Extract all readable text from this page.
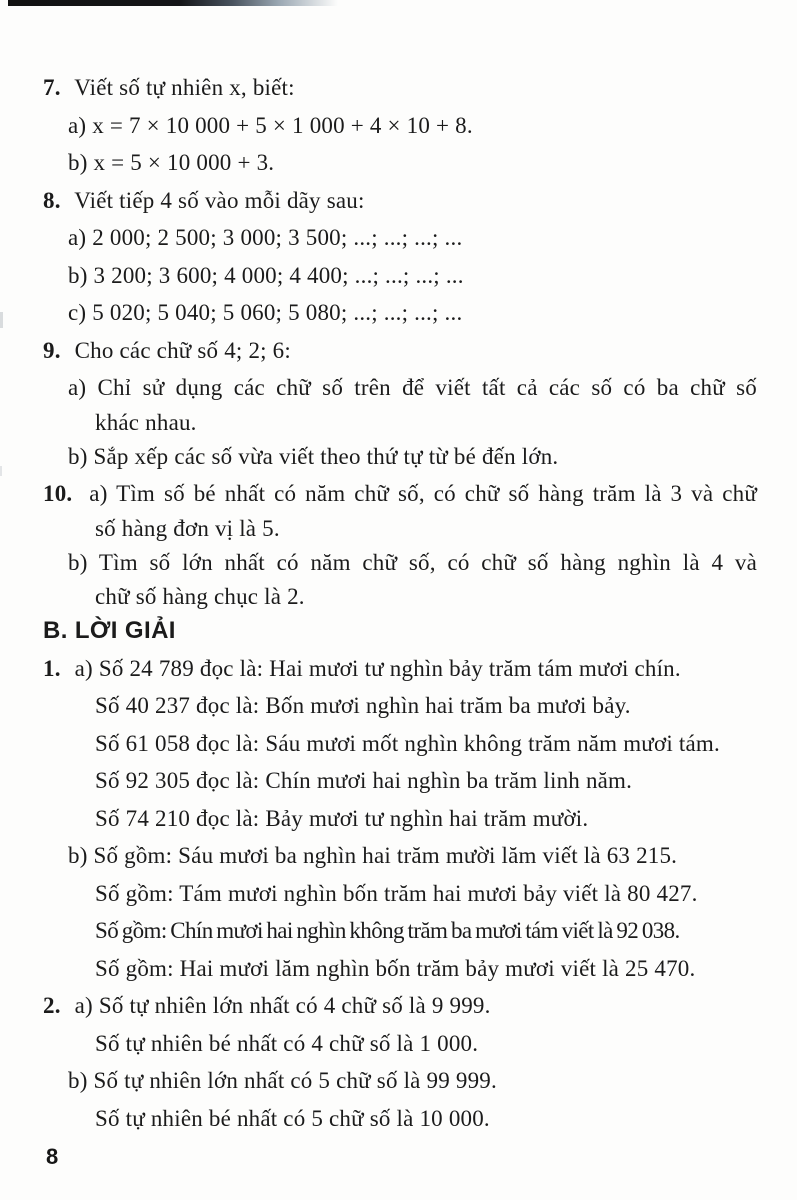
7. Viết số tự nhiên x, biết:
a) x = 7 × 10 000 + 5 × 1 000 + 4 × 10 + 8.
b) x = 5 × 10 000 + 3.
8. Viết tiếp 4 số vào mỗi dãy sau:
a) 2 000; 2 500; 3 000; 3 500; ...; ...; ...; ...
b) 3 200; 3 600; 4 000; 4 400; ...; ...; ...; ...
c) 5 020; 5 040; 5 060; 5 080; ...; ...; ...; ...
9. Cho các chữ số 4; 2; 6:
a) Chỉ sử dụng các chữ số trên để viết tất cả các số có ba chữ số
khác nhau.
b) Sắp xếp các số vừa viết theo thứ tự từ bé đến lớn.
10. a) Tìm số bé nhất có năm chữ số, có chữ số hàng trăm là 3 và chữ
số hàng đơn vị là 5.
b) Tìm số lớn nhất có năm chữ số, có chữ số hàng nghìn là 4 và
chữ số hàng chục là 2.
B. LỜI GIẢI
1. a) Số 24 789 đọc là: Hai mươi tư nghìn bảy trăm tám mươi chín.
Số 40 237 đọc là: Bốn mươi nghìn hai trăm ba mươi bảy.
Số 61 058 đọc là: Sáu mươi mốt nghìn không trăm năm mươi tám.
Số 92 305 đọc là: Chín mươi hai nghìn ba trăm linh năm.
Số 74 210 đọc là: Bảy mươi tư nghìn hai trăm mười.
b) Số gồm: Sáu mươi ba nghìn hai trăm mười lăm viết là 63 215.
Số gồm: Tám mươi nghìn bốn trăm hai mươi bảy viết là 80 427.
Số gồm: Chín mươi hai nghìn không trăm ba mươi tám viết là 92 038.
Số gồm: Hai mươi lăm nghìn bốn trăm bảy mươi viết là 25 470.
2. a) Số tự nhiên lớn nhất có 4 chữ số là 9 999.
Số tự nhiên bé nhất có 4 chữ số là 1 000.
b) Số tự nhiên lớn nhất có 5 chữ số là 99 999.
Số tự nhiên bé nhất có 5 chữ số là 10 000.
8
